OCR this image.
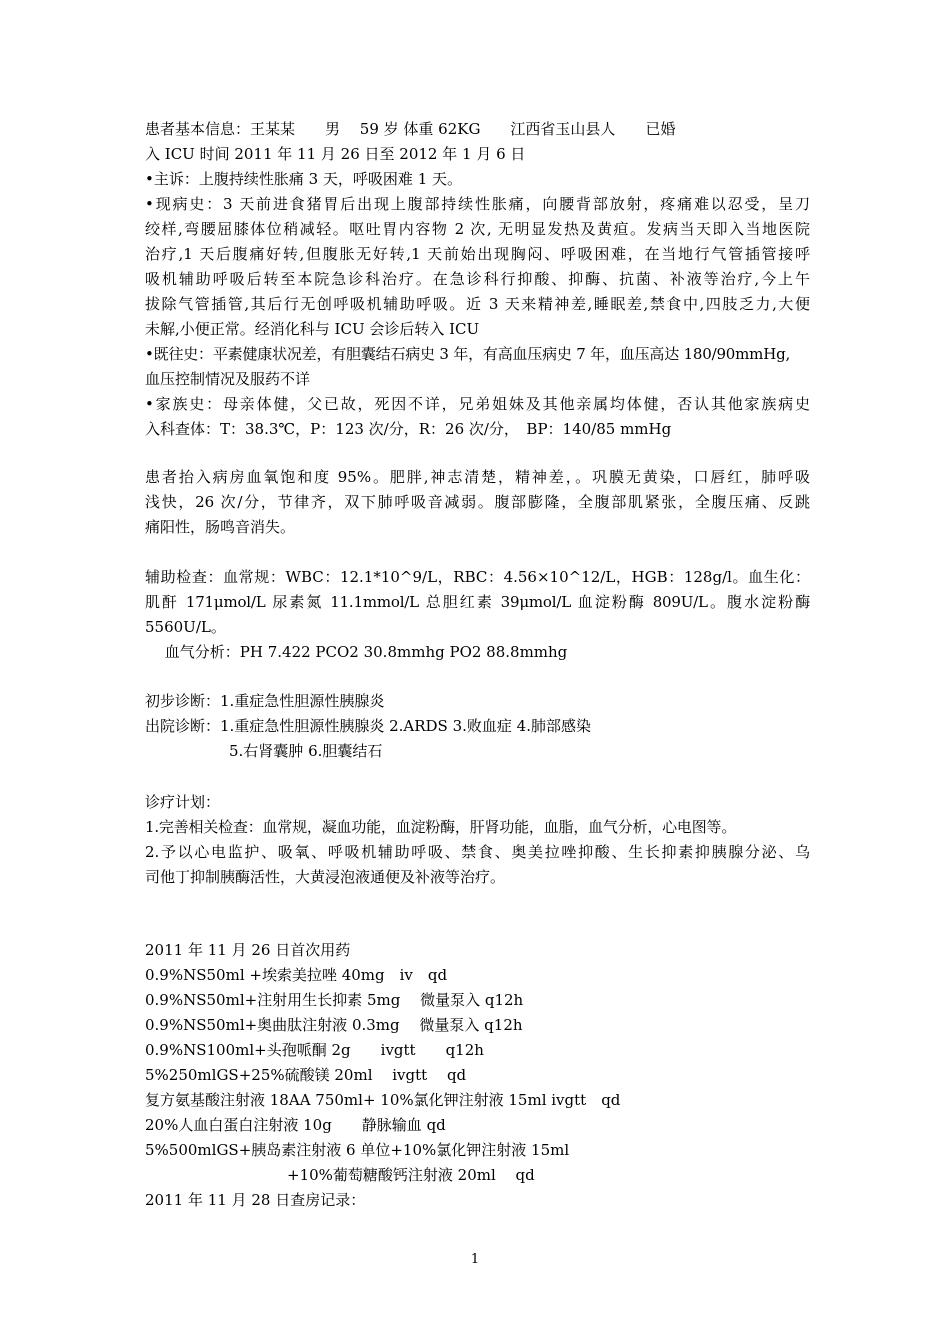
患者基本信息：王某某　　男　 59 岁 体重 62KG　　江西省玉山县人　　已婚
入 ICU 时间 2011 年 11 月 26 日至 2012 年 1 月 6 日
•主诉：上腹持续性胀痛 3 天，呼吸困难 1 天。
•现病史：3 天前进食猪胃后出现上腹部持续性胀痛，向腰背部放射，疼痛难以忍受，呈刀
绞样,弯腰屈膝体位稍减轻。呕吐胃内容物 2 次, 无明显发热及黄疸。发病当天即入当地医院
治疗,1 天后腹痛好转,但腹胀无好转,1 天前始出现胸闷、呼吸困难，在当地行气管插管接呼
吸机辅助呼吸后转至本院急诊科治疗。在急诊科行抑酸、抑酶、抗菌、补液等治疗,今上午
拔除气管插管,其后行无创呼吸机辅助呼吸。近 3 天来精神差,睡眠差,禁食中,四肢乏力,大便
未解,小便正常。经消化科与 ICU 会诊后转入 ICU
•既往史：平素健康状况差，有胆囊结石病史 3 年，有高血压病史 7 年，血压高达 180/90mmHg,
血压控制情况及服药不详
•家族史：母亲体健，父已故，死因不详，兄弟姐妹及其他亲属均体健，否认其他家族病史
入科查体：T：38.3℃，P：123 次/分，R：26 次/分，　BP：140/85 mmHg
患者抬入病房血氧饱和度 95%。肥胖,神志清楚，精神差，。巩膜无黄染，口唇红，肺呼吸
浅快，26 次/分，节律齐，双下肺呼吸音减弱。腹部膨隆，全腹部肌紧张，全腹压痛、反跳
痛阳性，肠鸣音消失。
辅助检查：血常规：WBC：12.1*10^9/L，RBC：4.56×10^12/L，HGB：128g/l。血生化：
肌酐 171μmol/L 尿素氮 11.1mmol/L 总胆红素 39μmol/L 血淀粉酶 809U/L。腹水淀粉酶
5560U/L。
　 血气分析：PH 7.422 PCO2 30.8mmhg PO2 88.8mmhg
初步诊断：1.重症急性胆源性胰腺炎
出院诊断：1.重症急性胆源性胰腺炎 2.ARDS 3.败血症 4.肺部感染
5.右肾囊肿 6.胆囊结石
诊疗计划：
1.完善相关检查：血常规，凝血功能，血淀粉酶，肝肾功能，血脂，血气分析，心电图等。
2.予以心电监护、吸氧、呼吸机辅助呼吸、禁食、奥美拉唑抑酸、生长抑素抑胰腺分泌、乌
司他丁抑制胰酶活性，大黄浸泡液通便及补液等治疗。
2011 年 11 月 26 日首次用药
0.9%NS50ml +埃索美拉唑 40mg　iv　qd
0.9%NS50ml+注射用生长抑素 5mg　 微量泵入 q12h
0.9%NS50ml+奥曲肽注射液 0.3mg　 微量泵入 q12h
0.9%NS100ml+头孢哌酮 2g　　ivgtt　　q12h
5%250mlGS+25%硫酸镁 20ml　 ivgtt　 qd
复方氨基酸注射液 18AA 750ml+ 10%氯化钾注射液 15ml ivgtt　qd
20%人血白蛋白注射液 10g　　静脉输血 qd
5%500mlGS+胰岛素注射液 6 单位+10%氯化钾注射液 15ml
+10%葡萄糖酸钙注射液 20ml　 qd
2011 年 11 月 28 日查房记录：
1
